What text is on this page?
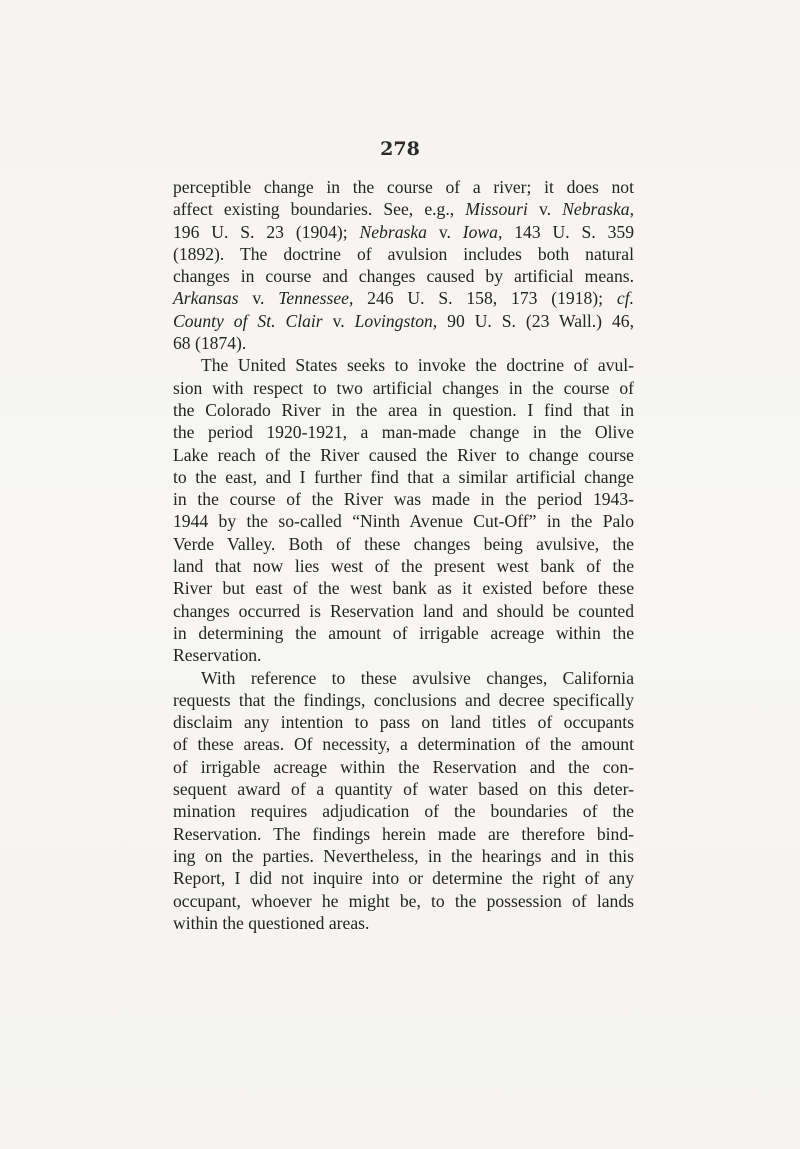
278

perceptible change in the course of a river; it does not
affect existing boundaries. See, e.g., Missouri v. Nebraska,
196 U. S. 23 (1904); Nebraska v. Iowa, 143 U. S. 359
(1892). The doctrine of avulsion includes both natural
changes in course and changes caused by artificial means.
Arkansas v. Tennessee, 246 U. S. 158, 173 (1918); cf.
County of St. Clair v. Lovingston, 90 U. S. (23 Wall.) 46,
68 (1874).

The United States seeks to invoke the doctrine of avul-
sion with respect to two artificial changes in the course of
the Colorado River in the area in question. I find that in
the period 1920-1921, a man-made change in the Olive
Lake reach of the River caused the River to change course
to the east, and I further find that a similar artificial change
in the course of the River was made in the period 1943-
1944 by the so-called “Ninth Avenue Cut-Off” in the Palo
Verde Valley. Both of these changes being avulsive, the
land that now lies west of the present west bank of the
River but east of the west bank as it existed before these
changes occurred is Reservation land and should be counted
in determining the amount of irrigable acreage within the
Reservation.

With reference to these avulsive changes, California
requests that the findings, conclusions and decree specifically
disclaim any intention to pass on land titles of occupants
of these areas. Of necessity, a determination of the amount
of irrigable acreage within the Reservation and the con-
sequent award of a quantity of water based on this deter-
mination requires adjudication of the boundaries of the
Reservation. The findings herein made are therefore bind-
ing on the parties. Nevertheless, in the hearings and in this
Report, I did not inquire into or determine the right of any
occupant, whoever he might be, to the possession of lands
within the questioned areas.
